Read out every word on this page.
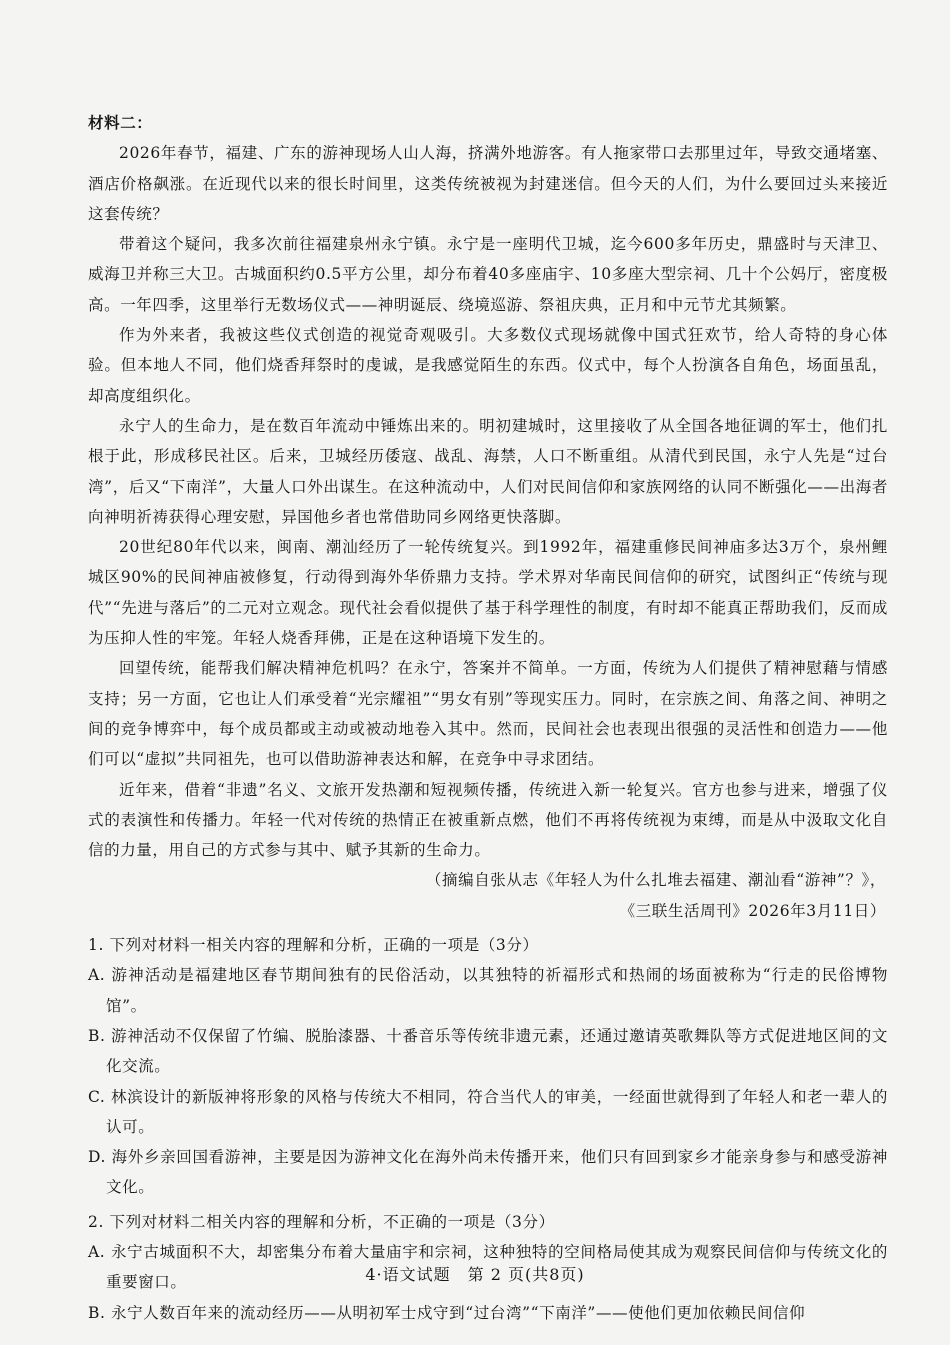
材料二：

2026年春节，福建、广东的游神现场人山人海，挤满外地游客。有人拖家带口去那里过年，导致交通堵塞、酒店价格飙涨。在近现代以来的很长时间里，这类传统被视为封建迷信。但今天的人们，为什么要回过头来接近这套传统？

带着这个疑问，我多次前往福建泉州永宁镇。永宁是一座明代卫城，迄今600多年历史，鼎盛时与天津卫、威海卫并称三大卫。古城面积约0.5平方公里，却分布着40多座庙宇、10多座大型宗祠、几十个公妈厅，密度极高。一年四季，这里举行无数场仪式——神明诞辰、绕境巡游、祭祖庆典，正月和中元节尤其频繁。

作为外来者，我被这些仪式创造的视觉奇观吸引。大多数仪式现场就像中国式狂欢节，给人奇特的身心体验。但本地人不同，他们烧香拜祭时的虔诚，是我感觉陌生的东西。仪式中，每个人扮演各自角色，场面虽乱，却高度组织化。

永宁人的生命力，是在数百年流动中锤炼出来的。明初建城时，这里接收了从全国各地征调的军士，他们扎根于此，形成移民社区。后来，卫城经历倭寇、战乱、海禁，人口不断重组。从清代到民国，永宁人先是“过台湾”，后又“下南洋”，大量人口外出谋生。在这种流动中，人们对民间信仰和家族网络的认同不断强化——出海者向神明祈祷获得心理安慰，异国他乡者也常借助同乡网络更快落脚。

20世纪80年代以来，闽南、潮汕经历了一轮传统复兴。到1992年，福建重修民间神庙多达3万个，泉州鲤城区90%的民间神庙被修复，行动得到海外华侨鼎力支持。学术界对华南民间信仰的研究，试图纠正“传统与现代”“先进与落后”的二元对立观念。现代社会看似提供了基于科学理性的制度，有时却不能真正帮助我们，反而成为压抑人性的牢笼。年轻人烧香拜佛，正是在这种语境下发生的。

回望传统，能帮我们解决精神危机吗？在永宁，答案并不简单。一方面，传统为人们提供了精神慰藉与情感支持；另一方面，它也让人们承受着“光宗耀祖”“男女有别”等现实压力。同时，在宗族之间、角落之间、神明之间的竞争博弈中，每个成员都或主动或被动地卷入其中。然而，民间社会也表现出很强的灵活性和创造力——他们可以“虚拟”共同祖先，也可以借助游神表达和解，在竞争中寻求团结。

近年来，借着“非遗”名义、文旅开发热潮和短视频传播，传统进入新一轮复兴。官方也参与进来，增强了仪式的表演性和传播力。年轻一代对传统的热情正在被重新点燃，他们不再将传统视为束缚，而是从中汲取文化自信的力量，用自己的方式参与其中、赋予其新的生命力。

（摘编自张从志《年轻人为什么扎堆去福建、潮汕看“游神”？》，

《三联生活周刊》2026年3月11日）

1. 下列对材料一相关内容的理解和分析，正确的一项是（3分）

A. 游神活动是福建地区春节期间独有的民俗活动，以其独特的祈福形式和热闹的场面被称为“行走的民俗博物馆”。

B. 游神活动不仅保留了竹编、脱胎漆器、十番音乐等传统非遗元素，还通过邀请英歌舞队等方式促进地区间的文化交流。

C. 林滨设计的新版神将形象的风格与传统大不相同，符合当代人的审美，一经面世就得到了年轻人和老一辈人的认可。

D. 海外乡亲回国看游神，主要是因为游神文化在海外尚未传播开来，他们只有回到家乡才能亲身参与和感受游神文化。

2. 下列对材料二相关内容的理解和分析，不正确的一项是（3分）

A. 永宁古城面积不大，却密集分布着大量庙宇和宗祠，这种独特的空间格局使其成为观察民间信仰与传统文化的重要窗口。

B. 永宁人数百年来的流动经历——从明初军士戍守到“过台湾”“下南洋”——使他们更加依赖民间信仰

4·语文试题　第 2 页(共8页)
